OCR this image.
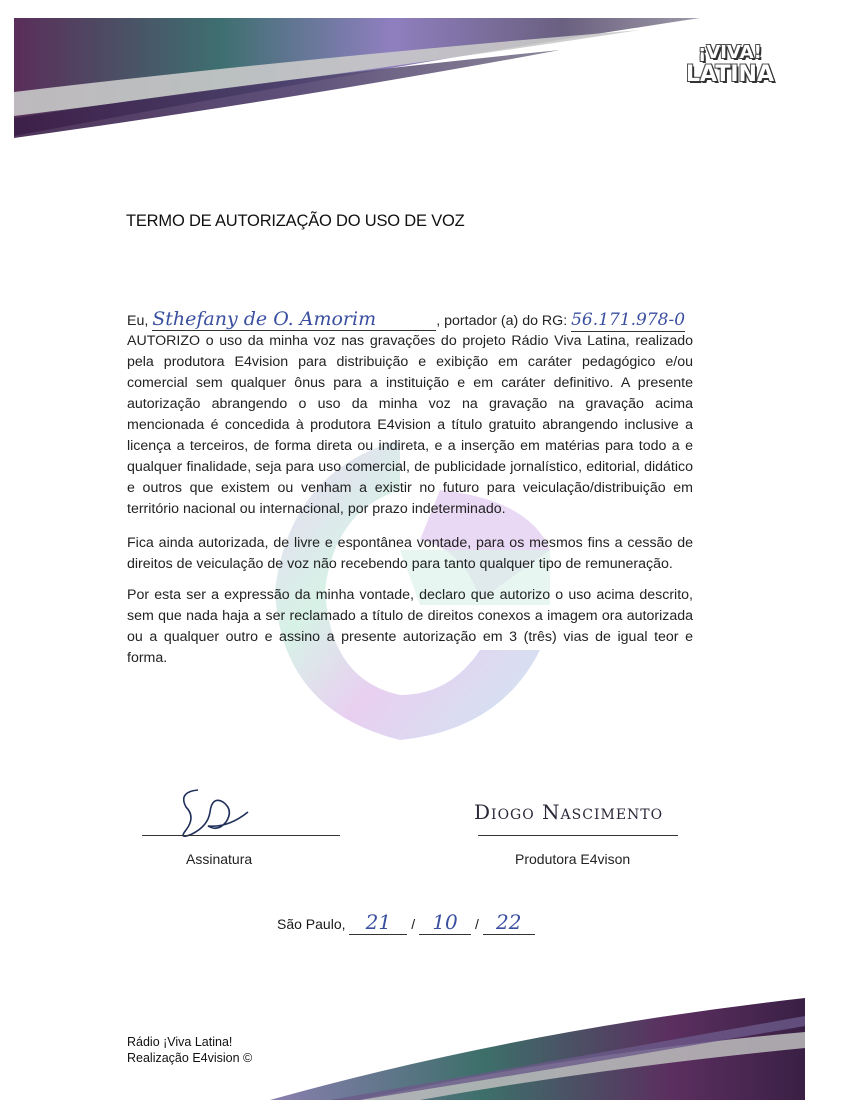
¡VIVA!
LATINA
TERMO DE AUTORIZAÇÃO DO USO DE VOZ
Eu, Sthefany de O. Amorim	, portador (a) do RG: 56.171.978-0
AUTORIZO o uso da minha voz nas gravações do projeto Rádio Viva Latina, realizado pela produtora E4vision para distribuição e exibição em caráter pedagógico e/ou comercial sem qualquer ônus para a instituição e em caráter definitivo. A presente autorização abrangendo o uso da minha voz na gravação na gravação acima mencionada é concedida à produtora E4vision a título gratuito abrangendo inclusive a licença a terceiros, de forma direta ou indireta, e a inserção em matérias para todo a e qualquer finalidade, seja para uso comercial, de publicidade jornalístico, editorial, didático e outros que existem ou venham a existir no futuro para veiculação/distribuição em território nacional ou internacional, por prazo indeterminado.
Fica ainda autorizada, de livre e espontânea vontade, para os mesmos fins a cessão de direitos de veiculação de voz não recebendo para tanto qualquer tipo de remuneração.
Por esta ser a expressão da minha vontade, declaro que autorizo o uso acima descrito, sem que nada haja a ser reclamado a título de direitos conexos a imagem ora autorizada ou a qualquer outro e assino a presente autorização em 3 (três) vias de igual teor e forma.
Assinatura
Diogo Nascimento
Produtora E4vison
São Paulo, 21 / 10 / 22
Rádio ¡Viva Latina!
Realização E4vision ©
